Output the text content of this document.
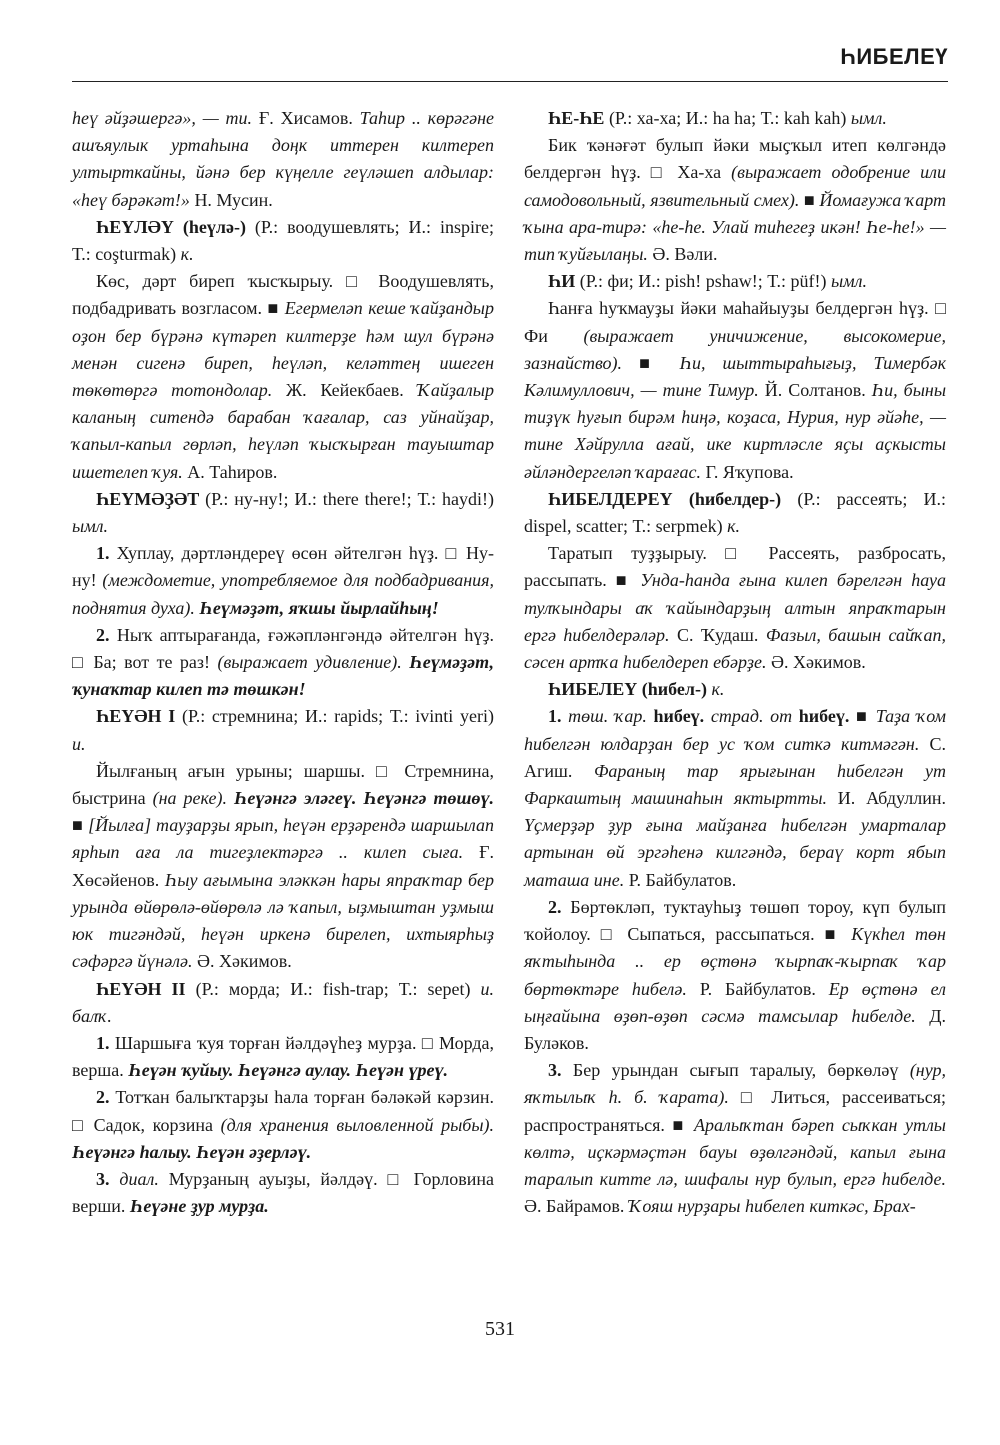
ҺИБЕЛЕҮ

һеү әйҙәшергә», — ти. Ғ. Хисамов. Таһир .. көрәгәне ашъяулык уртаһына доңк иттерен килтереп ултырткайны, йәнә бер күңелле геүләшеп алдылар: «һеү бәрәкәт!» Н. Мусин.

ҺЕҮЛӘҮ (һеүлә-) (Р.: воодушевлять; И.: inspire; Т.: coşturmak) к.

Көс, дәрт биреп ҡысҡырыу. □ Воодушевлять, подбадривать возгласом. ■ Егермеләп кеше ҡайҙандыр оҙон бер бүрәнә күтәреп килтерҙе һәм шул бүрәнә менән сигенә биреп, һеүләп, келәттең ишеген төкөтөргә тотондолар. Ж. Кейекбаев. Ҡайҙалыр каланың ситендә барабан ҡағалар, саз уйнайҙар, ҡапыл-капыл гөрләп, һеүләп ҡысҡырған тауыштар ишетелеп ҡуя. А. Таһиров.

ҺЕҮМӘҘӘТ (Р.: ну-ну!; И.: there there!; Т.: haydi!) ымл.

1. Хуплау, дәртләндереү өсөн әйтелгән һүҙ. □ Ну-ну! (междометие, употребляемое для подбадривания, поднятия духа). Һеүмәҙәт, яҡшы йырлайһың!

2. Ныҡ аптырағанда, ғәжәпләнгәндә әйтелгән һүҙ. □ Ба; вот те раз! (выражает удивление). Һеүмәҙәт, ҡунаҡтар килеп тә төшкән!

ҺЕҮӘН I (Р.: стремнина; И.: rapids; Т.: ivinti yeri) и.

Йылғаның ағын урыны; шаршы. □ Стремнина, быстрина (на реке). Һеүәнгә эләгеү. Һеүәнгә төшөү. ■ [Йылға] тауҙарҙы ярып, һеүән ерҙәрендә шаршылап ярһып аға ла тигеҙлектәргә .. килеп сыға. Ғ. Хөсәйенов. Һыу ағымына эләккән һары япраҡтар бер урында өйөрөлә-өйөрөлә лә ҡапыл, ыҙмыштан уҙмыш юк тигәндәй, һеүән иркенә бирелеп, ихтыярһыҙ сәфәргә йүнәлә. Ә. Хәкимов.

ҺЕҮӘН II (Р.: морда; И.: fish-trap; Т.: sepet) и. балҡ.

1. Шаршыға ҡуя торған йәлдәүһеҙ мурҙа. □ Морда, верша. Һеүән ҡуйыу. Һеүәнгә аулау. Һеүән үреү.

2. Тотҡан балыҡтарҙы һала торған бәләкәй кәрзин. □ Садок, корзина (для хранения выловленной рыбы). Һеүәнгә һалыу. Һеүән әҙерләү.

3. диал. Мурҙаның ауыҙы, йәлдәү. □ Горловина верши. Һеүәне ҙур мурҙа.

ҺЕ-ҺЕ (Р.: ха-ха; И.: ha ha; Т.: kah kah) ымл.

Бик ҡәнәғәт булып йәки мыҫҡыл итеп көлгәндә белдергән һүҙ. □ Ха-ха (выражает одобрение или самодовольный, язвительный смех). ■ Йомағужа ҡарт ҡына ара-тирә: «һе-һе. Улай тиһегеҙ икән! Һе-һе!» — тип ҡуйғылаңы. Ә. Вәли.

ҺИ (Р.: фи; И.: pish! pshaw!; Т.: püf!) ымл.

Һанға һуҡмауҙы йәки маһайыуҙы белдергән һүҙ. □ Фи (выражает уничижение, высокомерие, зазнайство). ■ Һи, шыттыраһығыҙ, Тимербәк Кәлимуллович, — тине Тимур. Й. Солтанов. Һи, быны тиҙүк һуғып бирәм һиңә, коҙаса, Нурия, нур әйәһе, — тине Хәйрулла ағай, ике киртләсле яҫы аҫкысты әйләндергеләп ҡарағас. Г. Яҡупова.

ҺИБЕЛДЕРЕҮ (һибелдер-) (Р.: рассеять; И.: dispel, scatter; Т.: serpmek) к.

Таратып туҙҙырыу. □ Рассеять, разбросать, рассыпать. ■ Унда-һанда ғына килеп бәрелгән һауа тулҡындары аҡ ҡайындарҙың алтын япраҡтарын ергә һибелдерәләр. С. Ҡудаш. Фазыл, башын сайҡап, сәсен артҡа һибелдереп ебәрҙе. Ә. Хәкимов.

ҺИБЕЛЕҮ (һибел-) к.

1. төш. ҡар. һибеү. страд. от һибеү. ■ Таҙа ҡом һибелгән юлдарҙан бер ус ҡом ситкә китмәгән. С. Агиш. Фараның тар ярығынан һибелгән ут Фаркаштың машинаһын яктыртты. И. Абдуллин. Үҫмерҙәр ҙур ғына майҙанға һибелгән умарталар артынан өй эргәһенә килгәндә, бераү корт ябып маташа ине. Р. Байбулатов.

2. Бөртөкләп, туктауһыҙ төшөп тороу, күп булып ҡойолоу. □ Сыпаться, рассыпаться. ■ Күкһел төн яҡтыһында .. ер өҫтөнә ҡырпаҡ-ҡырпаҡ ҡар бөртөктәре һибелә. Р. Байбулатов. Ер өҫтөнә ел ыңғайына өҙөп-өҙөп сәсмә тамсылар һибелде. Д. Буләков.

3. Бер урындан сығып таралыу, бөркөләү (нур, яҡтылыҡ һ. б. ҡарата). □ Литься, рассеиваться; распространяться. ■ Аралыҡтан бәреп сыҡкан утлы көлтә, иҫкәрмәҫтән бауы өҙөлгәндәй, капыл ғына таралып китте лә, шифалы нур булып, ергә һибелде. Ә. Байрамов. Ҡояш нурҙары һибелеп киткәс, Брах-

531
